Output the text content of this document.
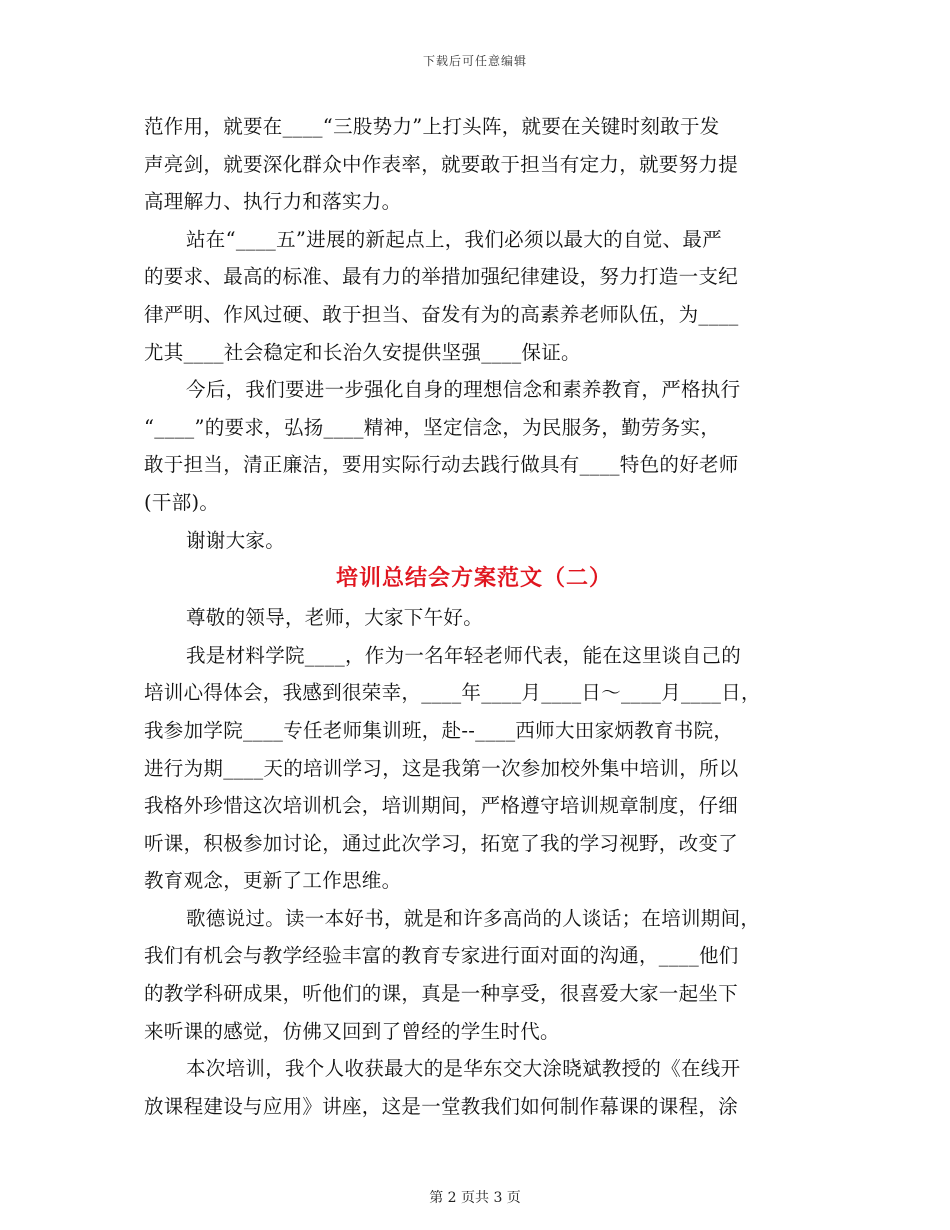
下载后可任意编辑
范作用，就要在____“三股势力”上打头阵，就要在关键时刻敢于发
声亮剑，就要深化群众中作表率，就要敢于担当有定力，就要努力提
高理解力、执行力和落实力。
站在“____五”进展的新起点上，我们必须以最大的自觉、最严
的要求、最高的标准、最有力的举措加强纪律建设，努力打造一支纪
律严明、作风过硬、敢于担当、奋发有为的高素养老师队伍，为____
尤其____社会稳定和长治久安提供坚强____保证。
今后，我们要进一步强化自身的理想信念和素养教育，严格执行
“____”的要求，弘扬____精神，坚定信念，为民服务，勤劳务实，
敢于担当，清正廉洁，要用实际行动去践行做具有____特色的好老师
(干部)。
谢谢大家。
培训总结会方案范文（二）
尊敬的领导，老师，大家下午好。
我是材料学院____，作为一名年轻老师代表，能在这里谈自己的
培训心得体会，我感到很荣幸，____年____月____日～____月____日，
我参加学院____专任老师集训班，赴--____西师大田家炳教育书院，
进行为期____天的培训学习，这是我第一次参加校外集中培训，所以
我格外珍惜这次培训机会，培训期间，严格遵守培训规章制度，仔细
听课，积极参加讨论，通过此次学习，拓宽了我的学习视野，改变了
教育观念，更新了工作思维。
歌德说过。读一本好书，就是和许多高尚的人谈话；在培训期间，
我们有机会与教学经验丰富的教育专家进行面对面的沟通，____他们
的教学科研成果，听他们的课，真是一种享受，很喜爱大家一起坐下
来听课的感觉，仿佛又回到了曾经的学生时代。
本次培训，我个人收获最大的是华东交大涂晓斌教授的《在线开
放课程建设与应用》讲座，这是一堂教我们如何制作幕课的课程，涂
第 2 页共 3 页
